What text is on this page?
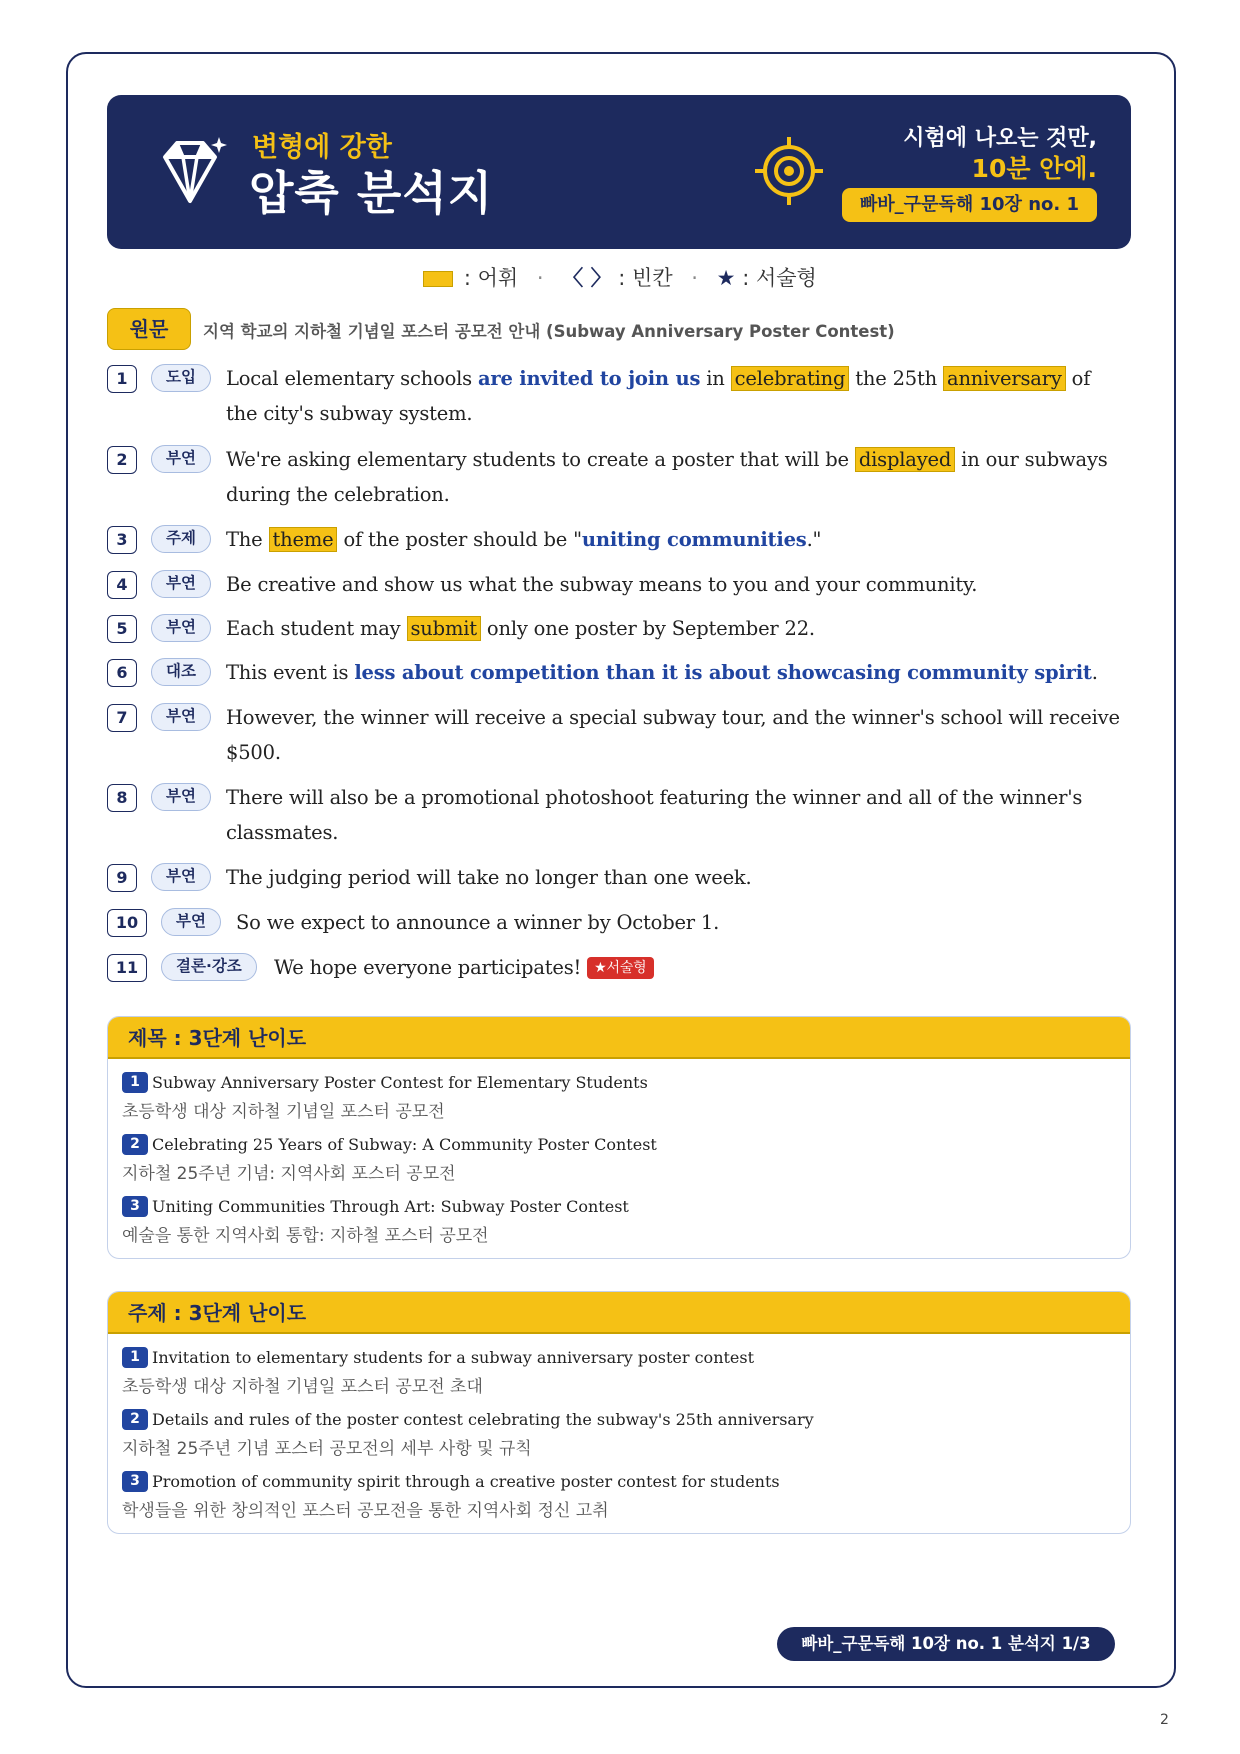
변형에 강한
압축 분석지
시험에 나오는 것만,
10분 안에.
빠바_구문독해 10장 no. 1
: 어휘 · 〈 〉 : 빈칸 · ★ : 서술형
원문	지역 학교의 지하철 기념일 포스터 공모전 안내 (Subway Anniversary Poster Contest)
1	도입	Local elementary schools are invited to join us in celebrating the 25th anniversary of
the city's subway system.
2	부연	We're asking elementary students to create a poster that will be displayed in our subways
during the celebration.
3	주제	The theme of the poster should be "uniting communities."
4	부연	Be creative and show us what the subway means to you and your community.
5	부연	Each student may submit only one poster by September 22.
6	대조	This event is less about competition than it is about showcasing community spirit.
7	부연	However, the winner will receive a special subway tour, and the winner's school will receive
$500.
8	부연	There will also be a promotional photoshoot featuring the winner and all of the winner's
classmates.
9	부연	The judging period will take no longer than one week.
10	부연	So we expect to announce a winner by October 1.
11	결론·강조	We hope everyone participates! ★서술형
제목 : 3단계 난이도
1 Subway Anniversary Poster Contest for Elementary Students
초등학생 대상 지하철 기념일 포스터 공모전
2 Celebrating 25 Years of Subway: A Community Poster Contest
지하철 25주년 기념: 지역사회 포스터 공모전
3 Uniting Communities Through Art: Subway Poster Contest
예술을 통한 지역사회 통합: 지하철 포스터 공모전
주제 : 3단계 난이도
1 Invitation to elementary students for a subway anniversary poster contest
초등학생 대상 지하철 기념일 포스터 공모전 초대
2 Details and rules of the poster contest celebrating the subway's 25th anniversary
지하철 25주년 기념 포스터 공모전의 세부 사항 및 규칙
3 Promotion of community spirit through a creative poster contest for students
학생들을 위한 창의적인 포스터 공모전을 통한 지역사회 정신 고취
빠바_구문독해 10장 no. 1 분석지 1/3
2
